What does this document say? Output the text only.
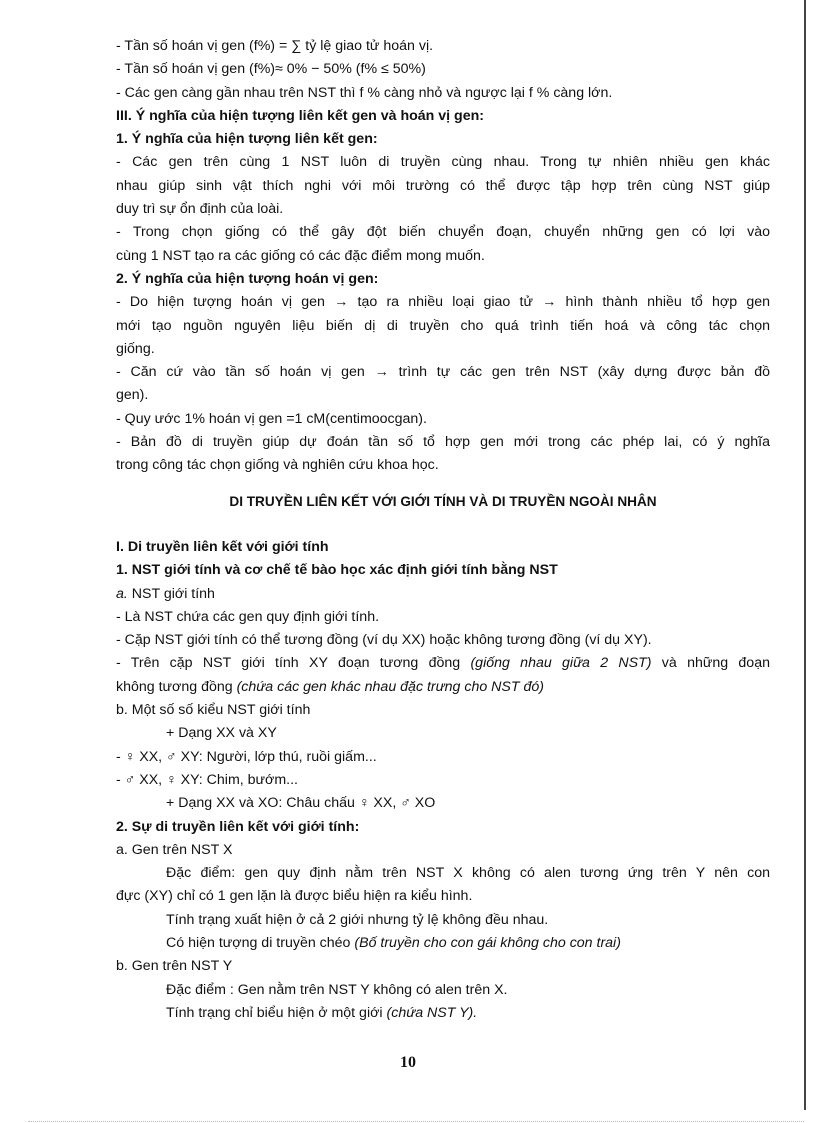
- Tần số hoán vị gen (f%) = ∑ tỷ lệ giao tử hoán vị.
- Tần số hoán vị gen (f%)≈ 0% − 50% (f% ≤ 50%)
- Các gen càng gần nhau trên NST thì f % càng nhỏ và ngược lại f % càng lớn.
III. Ý nghĩa của hiện tượng liên kết gen và hoán vị gen:
1. Ý nghĩa của hiện tượng liên kết gen:
- Các gen trên cùng 1 NST luôn di truyền cùng nhau. Trong tự nhiên nhiều gen khác
nhau giúp sinh vật thích nghi với môi trường có thể được tập hợp trên cùng NST giúp
duy trì sự ổn định của loài.
- Trong chọn giống có thể gây đột biến chuyển đoạn, chuyển những gen có lợi vào
cùng 1 NST tạo ra các giống có các đặc điểm mong muốn.
2. Ý nghĩa của hiện tượng hoán vị gen:
- Do hiện tượng hoán vị gen → tạo ra nhiều loại giao tử → hình thành nhiều tổ hợp gen
mới tạo nguồn nguyên liệu biến dị di truyền cho quá trình tiến hoá và công tác chọn
giống.
- Căn cứ vào tần số hoán vị gen → trình tự các gen trên NST (xây dựng được bản đồ
gen).
- Quy ước 1% hoán vị gen =1 cM(centimoocgan).
- Bản đồ di truyền giúp dự đoán tần số tổ hợp gen mới trong các phép lai, có ý nghĩa
trong công tác chọn giống và nghiên cứu khoa học.
DI TRUYỀN LIÊN KẾT VỚI GIỚI TÍNH VÀ DI TRUYỀN NGOÀI NHÂN
I. Di truyền liên kết với giới tính
1. NST giới tính và cơ chế tế bào học xác định giới tính bằng NST
a. NST giới tính
- Là NST chứa các gen quy định giới tính.
- Cặp NST giới tính có thể tương đồng (ví dụ XX) hoặc không tương đồng (ví dụ XY).
- Trên cặp NST giới tính XY đoạn tương đồng (giống nhau giữa 2 NST) và những đoạn
không tương đồng (chứa các gen khác nhau đặc trưng cho NST đó)
b. Một số số kiểu NST giới tính
+ Dạng XX và XY
- ♀ XX, ♂ XY: Người, lớp thú, ruồi giấm...
- ♂ XX, ♀ XY: Chim, bướm...
+ Dạng XX và XO: Châu chấu ♀ XX, ♂ XO
2. Sự di truyền liên kết với giới tính:
a. Gen trên NST X
Đặc điểm: gen quy định nằm trên NST X không có alen tương ứng trên Y nên con
đực (XY) chỉ có 1 gen lặn là được biểu hiện ra kiểu hình.
Tính trạng xuất hiện ở cả 2 giới nhưng tỷ lệ không đều nhau.
Có hiện tượng di truyền chéo (Bố truyền cho con gái không cho con trai)
b. Gen trên NST Y
Đặc điểm : Gen nằm trên NST Y không có alen trên X.
Tính trạng chỉ biểu hiện ở một giới (chứa NST Y).
10
